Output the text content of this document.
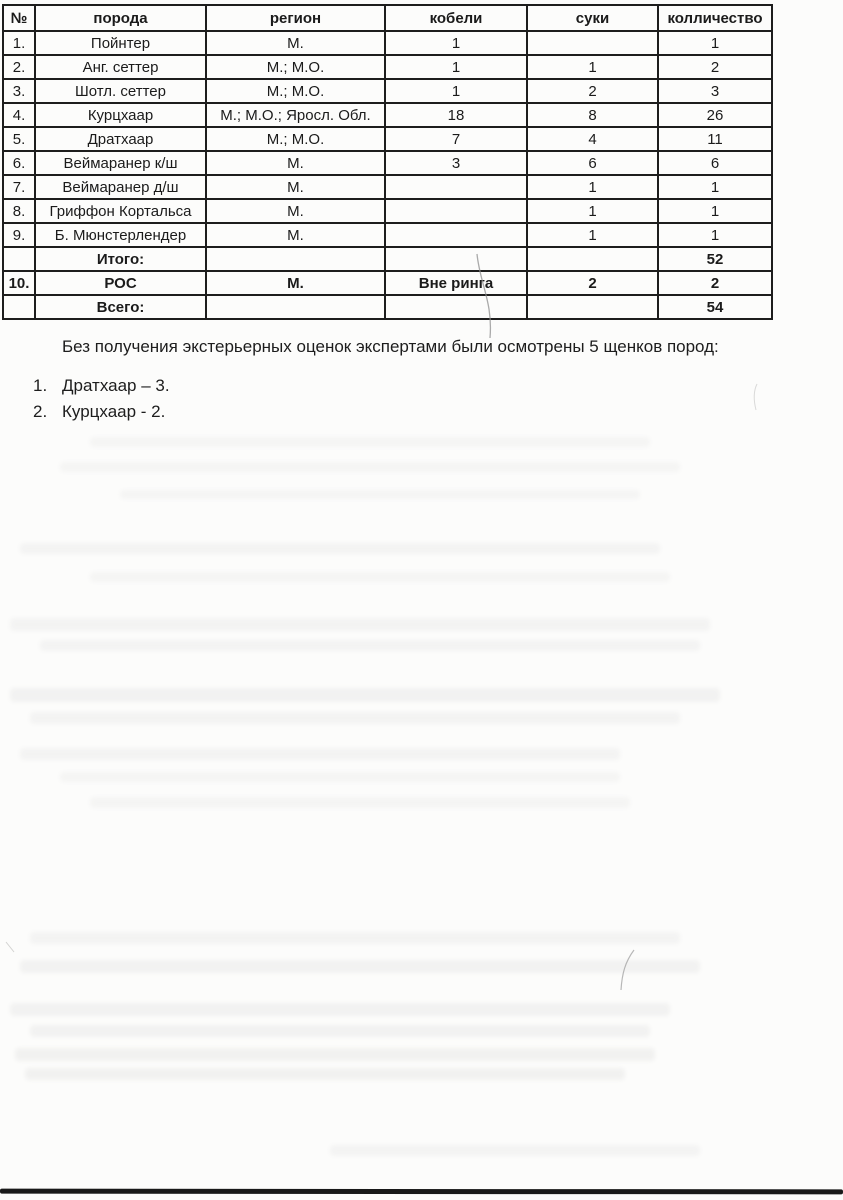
№	порода	регион	кобели	суки	колличество
1.	Пойнтер	М.	1		1
2.	Анг. сеттер	М.; М.О.	1	1	2
3.	Шотл. сеттер	М.; М.О.	1	2	3
4.	Курцхаар	М.; М.О.; Яросл. Обл.	18	8	26
5.	Дратхаар	М.; М.О.	7	4	11
6.	Веймаранер к/ш	М.	3	6	6
7.	Веймаранер д/ш	М.		1	1
8.	Гриффон Кортальса	М.		1	1
9.	Б. Мюнстерлендер	М.		1	1
	Итого:				52
10.	РОС	М.	Вне ринга	2	2
	Всего:				54
Без получения экстерьерных оценок экспертами были осмотрены 5 щенков пород:
1. Дратхаар – 3.
2. Курцхаар - 2.
